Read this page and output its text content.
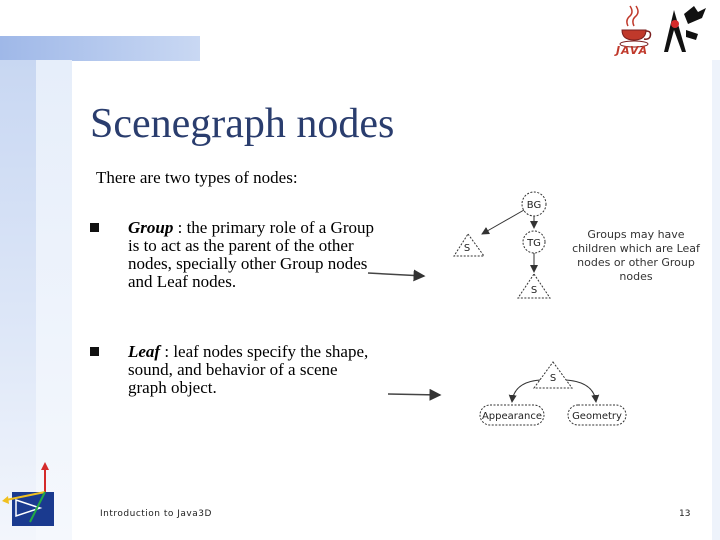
JAVA
Scenegraph nodes
There are two types of nodes:
Group : the primary role of a Group is to act as the parent of the other nodes, specially other Group nodes and Leaf nodes.
Leaf : leaf nodes specify the shape, sound, and behavior of a scene graph object.
BG
S	TG
S
S
Appearance	Geometry
Groups may have children which are Leaf nodes or other Group nodes
Introduction to Java3D	13
